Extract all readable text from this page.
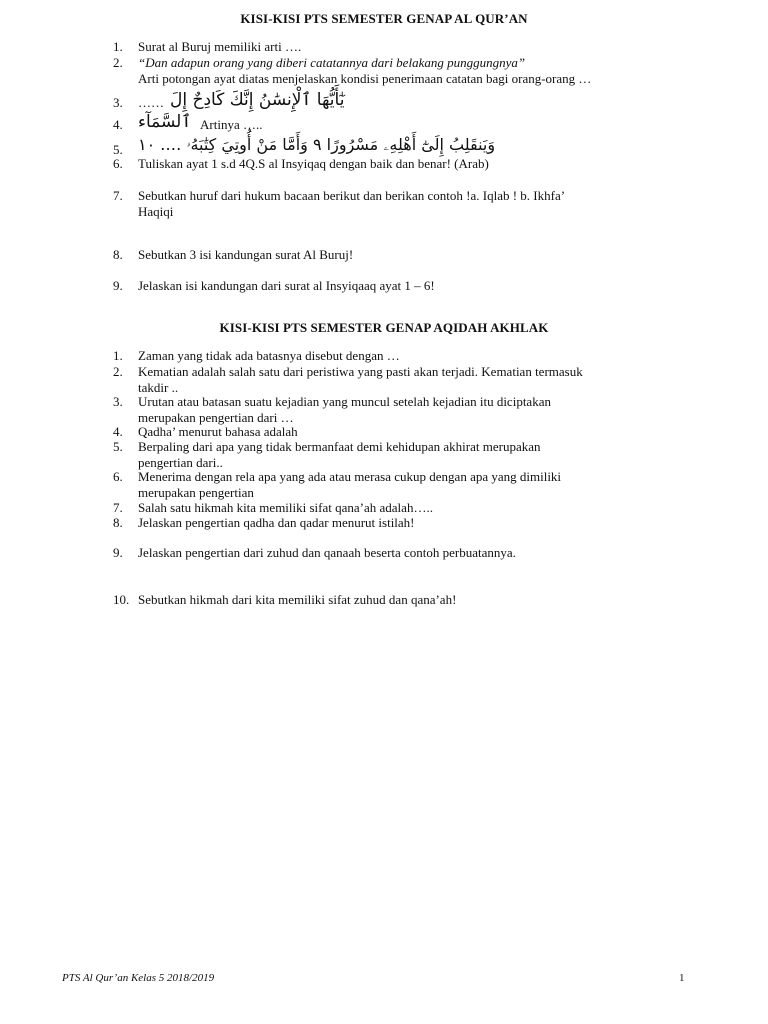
KISI-KISI PTS SEMESTER GENAP AL QUR’AN
1.	Surat al Buruj memiliki arti ….
2.	“Dan adapun orang yang diberi catatannya dari belakang punggungnya”
Arti potongan ayat diatas menjelaskan kondisi penerimaan catatan bagi orang-orang …
3.	…… يٰٓأَيُّهَا ٱلْإِنسَٰنُ إِنَّكَ كَادِحٌ إِلَ
4. ٱلسَّمَآء Artinya …..
5. وَيَنقَلِبُ إِلَىٰٓ أَهْلِهِۦ مَسْرُورًا ٩ وَأَمَّا مَنْ أُوتِيَ كِتَٰبَهُۥ …. ١٠
6.	Tuliskan ayat 1 s.d 4Q.S al Insyiqaq dengan baik dan benar! (Arab)
7.	Sebutkan huruf dari hukum bacaan berikut dan berikan contoh !a. Iqlab ! b. Ikhfa’
Haqiqi
8.	Sebutkan 3 isi kandungan surat Al Buruj!
9.	Jelaskan isi kandungan dari surat al Insyiqaaq ayat 1 – 6!
KISI-KISI PTS SEMESTER GENAP AQIDAH AKHLAK
1.	Zaman yang tidak ada batasnya disebut dengan …
2.	Kematian adalah salah satu dari peristiwa yang pasti akan terjadi. Kematian termasuk
takdir ..
3.	Urutan atau batasan suatu kejadian yang muncul setelah kejadian itu diciptakan
merupakan pengertian dari …
4.	Qadha’ menurut bahasa adalah
5.	Berpaling dari apa yang tidak bermanfaat demi kehidupan akhirat merupakan
pengertian dari..
6.	Menerima dengan rela apa yang ada atau merasa cukup dengan apa yang dimiliki
merupakan pengertian
7.	Salah satu hikmah kita memiliki sifat qana’ah adalah…..
8.	Jelaskan pengertian qadha dan qadar menurut istilah!
9.	Jelaskan pengertian dari zuhud dan qanaah beserta contoh perbuatannya.
10. Sebutkan hikmah dari kita memiliki sifat zuhud dan qana’ah!
PTS Al Qur’an Kelas 5 2018/2019	1
